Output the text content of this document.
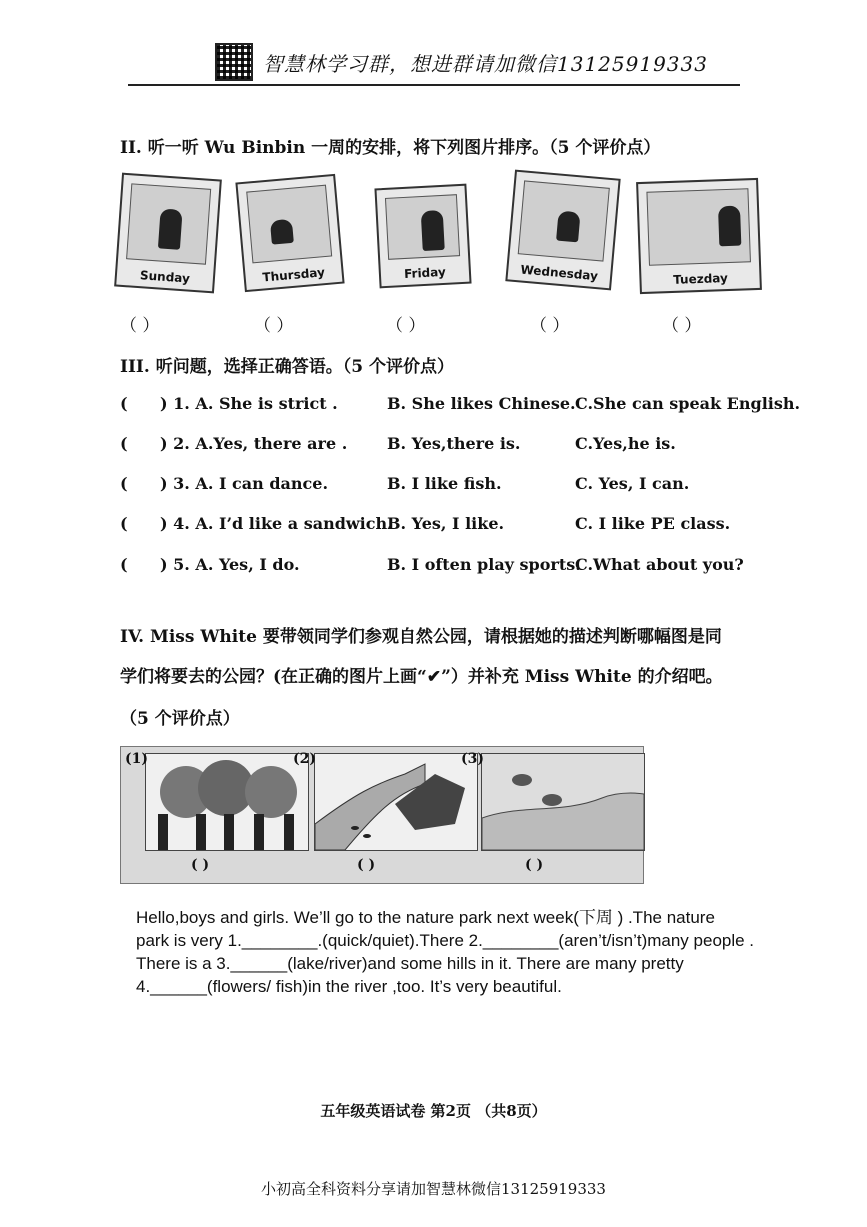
智慧林学习群，想进群请加微信13125919333
II. 听一听 Wu Binbin 一周的安排，将下列图片排序。（5 个评价点）
Sunday	Thursday	Friday	Wednesday	Tuezday
（ ）	（ ）	（ ）	（ ）	（ ）
III. 听问题，选择正确答语。（5 个评价点）
( ) 1. A. She is strict .	B. She likes Chinese. C.She can speak English.
( ) 2. A.Yes, there are . B. Yes,there is.	C.Yes,he is.
( ) 3. A. I can dance.	B. I like fish.	C. Yes, I can.
( ) 4. A. I’d like a sandwich.
B. Yes, I like.	C. I like PE class.
( ) 5. A. Yes, I do.	B. I often play sports.
C.What about you?
IV. Miss White 要带领同学们参观自然公园，请根据她的描述判断哪幅图是同
学们将要去的公园？(在正确的图片上画“✔”）并补充 Miss White 的介绍吧。
（5 个评价点）
(1)	(2)	(3)
( )	( )	( )
Hello,boys and girls. We’ll go to the nature park next week(下周 ) .The nature
park is very 1.________.(quick/quiet).There 2.________(aren’t/isn’t)many people .
There is a 3.______(lake/river)and some hills in it. There are many pretty
4.______(flowers/ fish)in the river ,too. It’s very beautiful.
五年级英语试卷 第2页 （共8页）
小初高全科资料分享请加智慧林微信13125919333
